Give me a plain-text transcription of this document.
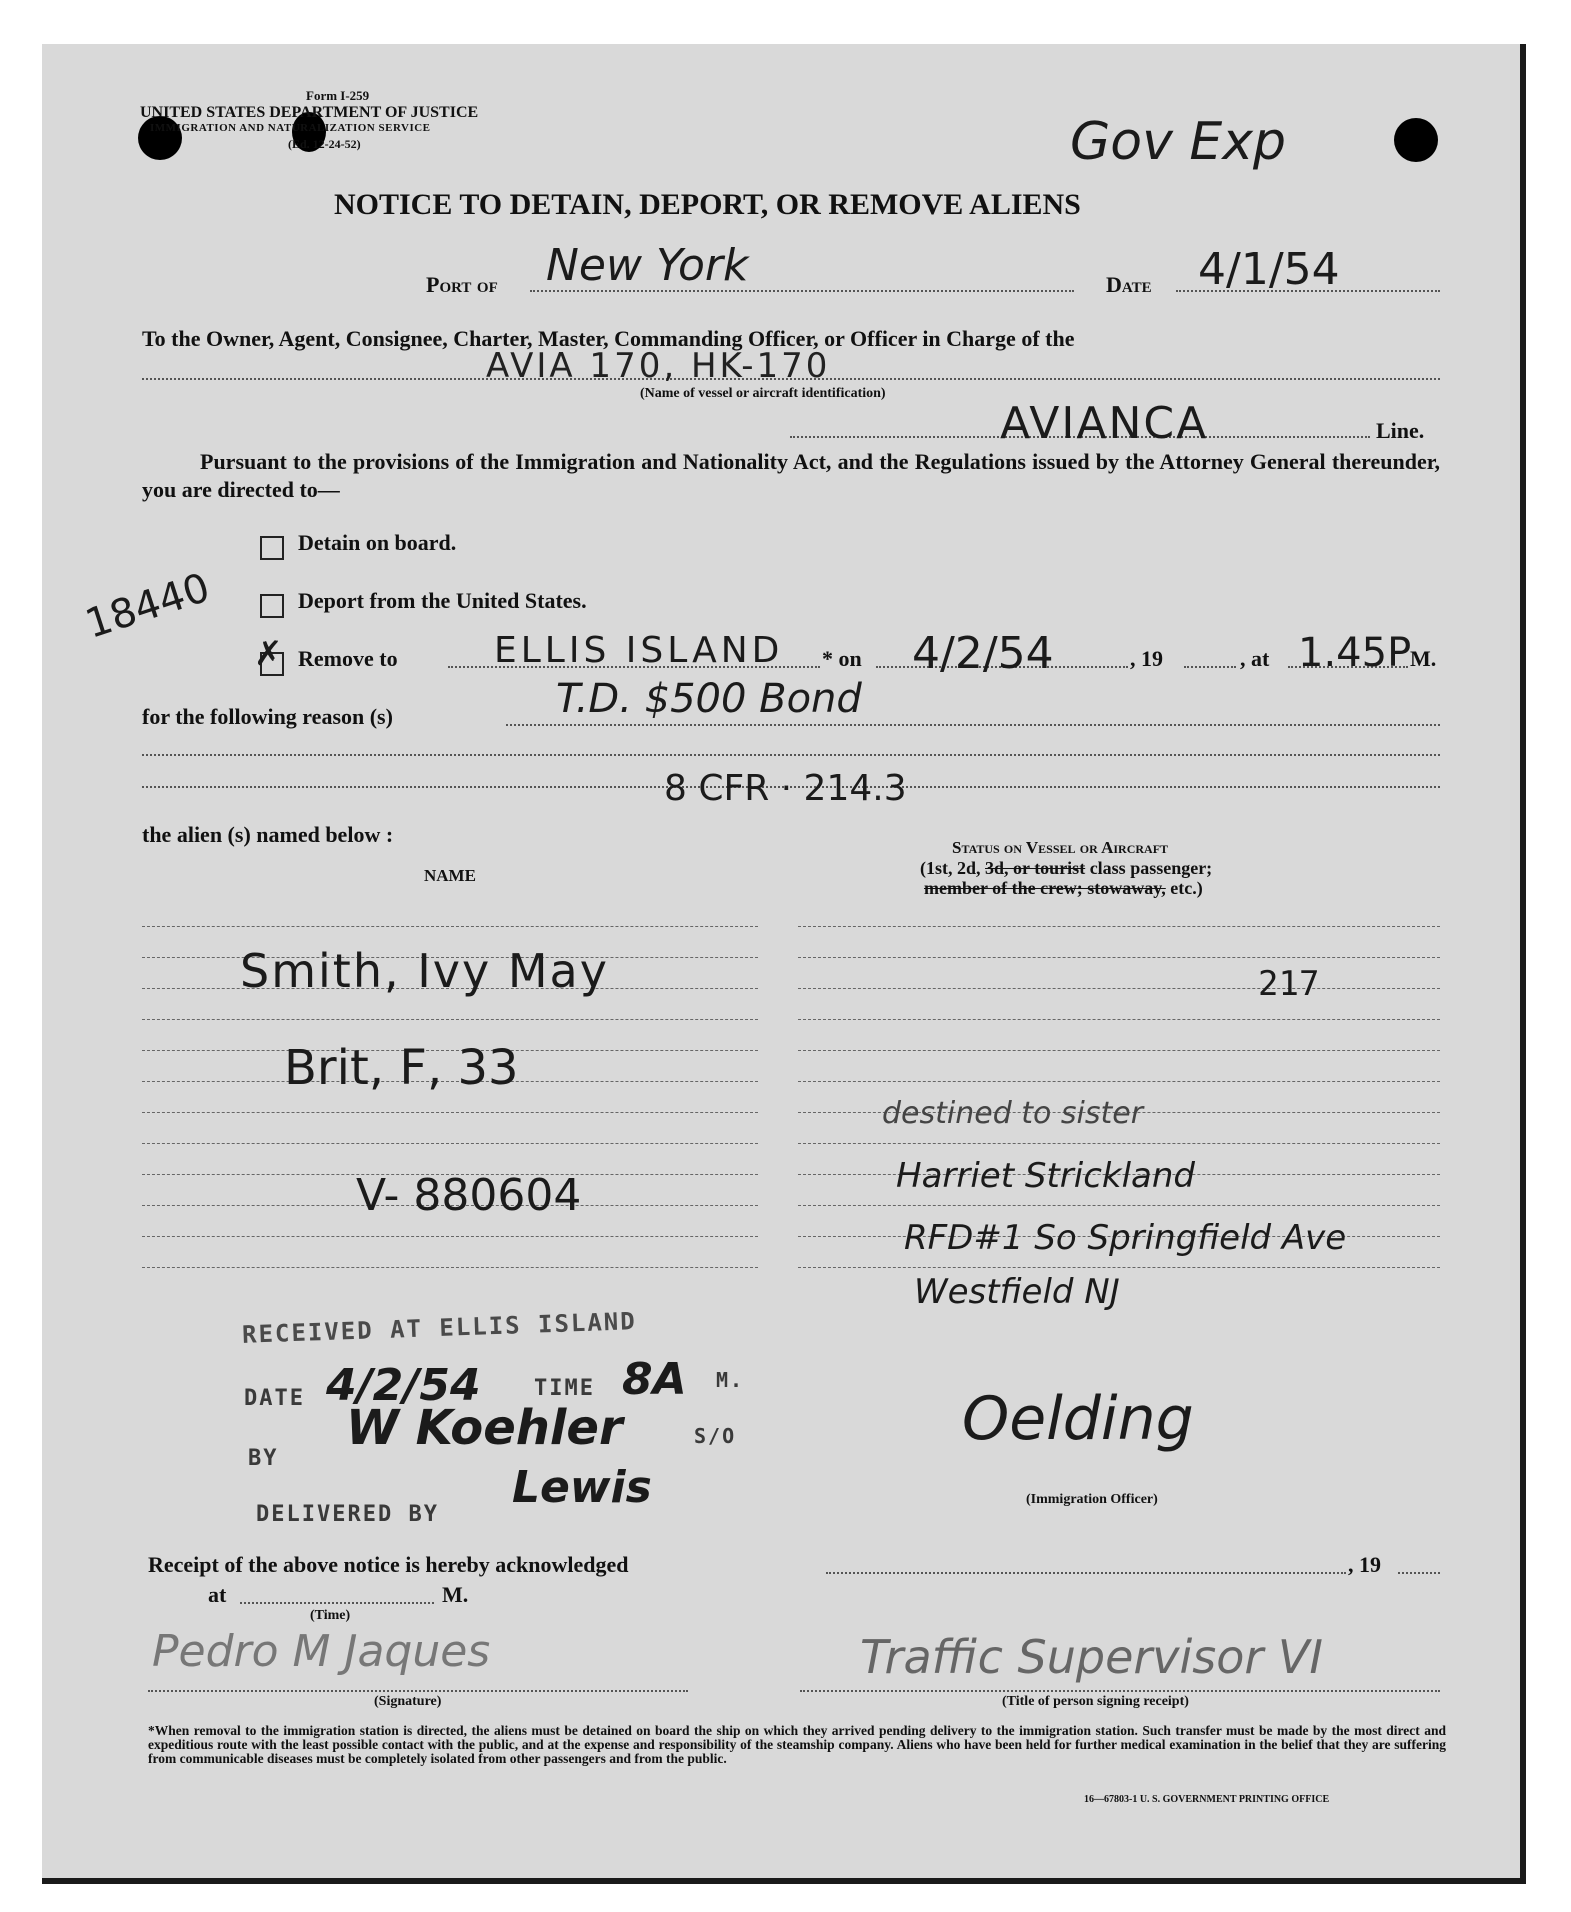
Form I-259
UNITED STATES DEPARTMENT OF JUSTICE
IMMIGRATION AND NATURALIZATION SERVICE
(Ed. 12-24-52)	Gov Exp
NOTICE TO DETAIN, DEPORT, OR REMOVE ALIENS
Port of New York	Date 4/1/54
To the Owner, Agent, Consignee, Charter, Master, Commanding Officer, or Officer in Charge of the
AVIA 170, HK-170
(Name of vessel or aircraft identification)
AVIANCA	Line.
Pursuant to the provisions of the Immigration and Nationality Act, and the Regulations issued by the Attorney General thereunder, you are directed to—
Detain on board.
Deport from the United States.
18440
✗ Remove to	ELLIS ISLAND * on 4/2/54	, 19	, at 1.45P
M.
for the following reason (s)	T.D. $500 Bond
8 CFR · 214.3
the alien (s) named below :
NAME
Status on Vessel or Aircraft
(1st, 2d, 3d, or tourist class passenger;
member of the crew; stowaway, etc.)
Smith, Ivy May	217
Brit, F, 33
V- 880604
destined to sister
Harriet Strickland
RFD#1 So Springfield Ave
Westfield NJ
RECEIVED AT ELLIS ISLAND
DATE 4/2/54 TIME 8A M.
BY
W Koehler	S/O
DELIVERED BY
Lewis
Oelding
(Immigration Officer)
Receipt of the above notice is hereby acknowledged	, 19
at	M.
(Time)
Pedro M Jaques
(Signature)
Traffic Supervisor VI
(Title of person signing receipt)
*When removal to the immigration station is directed, the aliens must be detained on board the ship on which they arrived pending delivery to the immigration station. Such transfer must be made by the most direct and expeditious route with the least possible contact with the public, and at the expense and responsibility of the steamship company. Aliens who have been held for further medical examination in the belief that they are suffering from communicable diseases must be completely isolated from other passengers and from the public.
16—67803-1 U. S. GOVERNMENT PRINTING OFFICE
